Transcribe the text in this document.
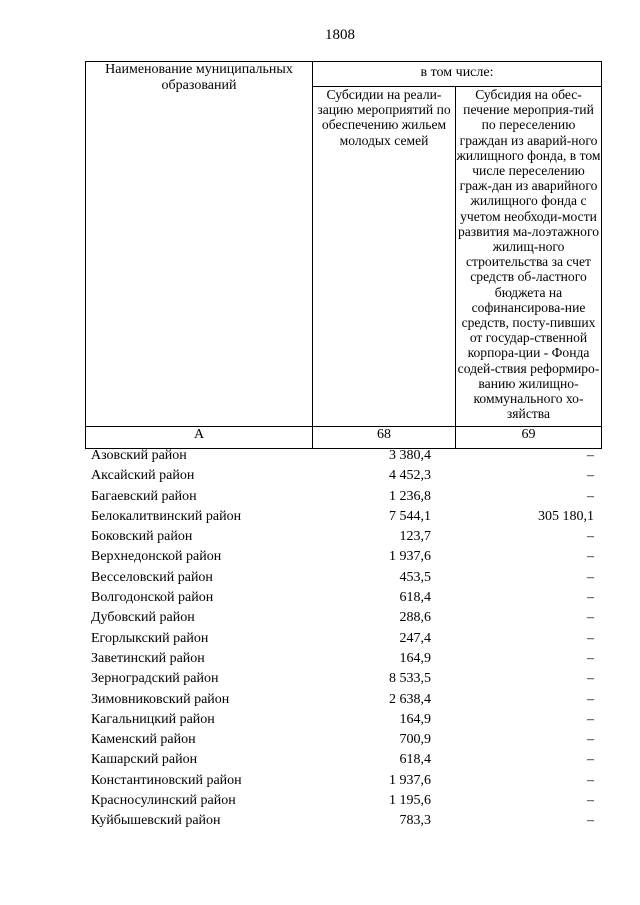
1808
Наименование муниципальных образований	в том числе:	
	Субсидии на реали-зацию мероприятий по обеспечению жильем молодых семей	Субсидия на обес-печение мероприя-тий по переселению граждан из аварий-ного жилищного фонда, в том числе переселению граж-дан из аварийного жилищного фонда с учетом необходи-мости развития ма-лоэтажного жилищ-ного строительства за счет средств об-ластного бюджета на софинансирова-ние средств, посту-пивших от государ-ственной корпора-ции - Фонда содей-ствия реформиро-ванию жилищно-коммунального хо-зяйства
А	68	69
Азовский район	3 380,4	–
Аксайский район	4 452,3	–
Багаевский район	1 236,8	–
Белокалитвинский район	7 544,1	305 180,1
Боковский район	123,7	–
Верхнедонской район	1 937,6	–
Весселовский район	453,5	–
Волгодонской район	618,4	–
Дубовский район	288,6	–
Егорлыкский район	247,4	–
Заветинский район	164,9	–
Зерноградский район	8 533,5	–
Зимовниковский район	2 638,4	–
Кагальницкий район	164,9	–
Каменский район	700,9	–
Кашарский район	618,4	–
Константиновский район	1 937,6	–
Красносулинский район	1 195,6	–
Куйбышевский район	783,3	–
